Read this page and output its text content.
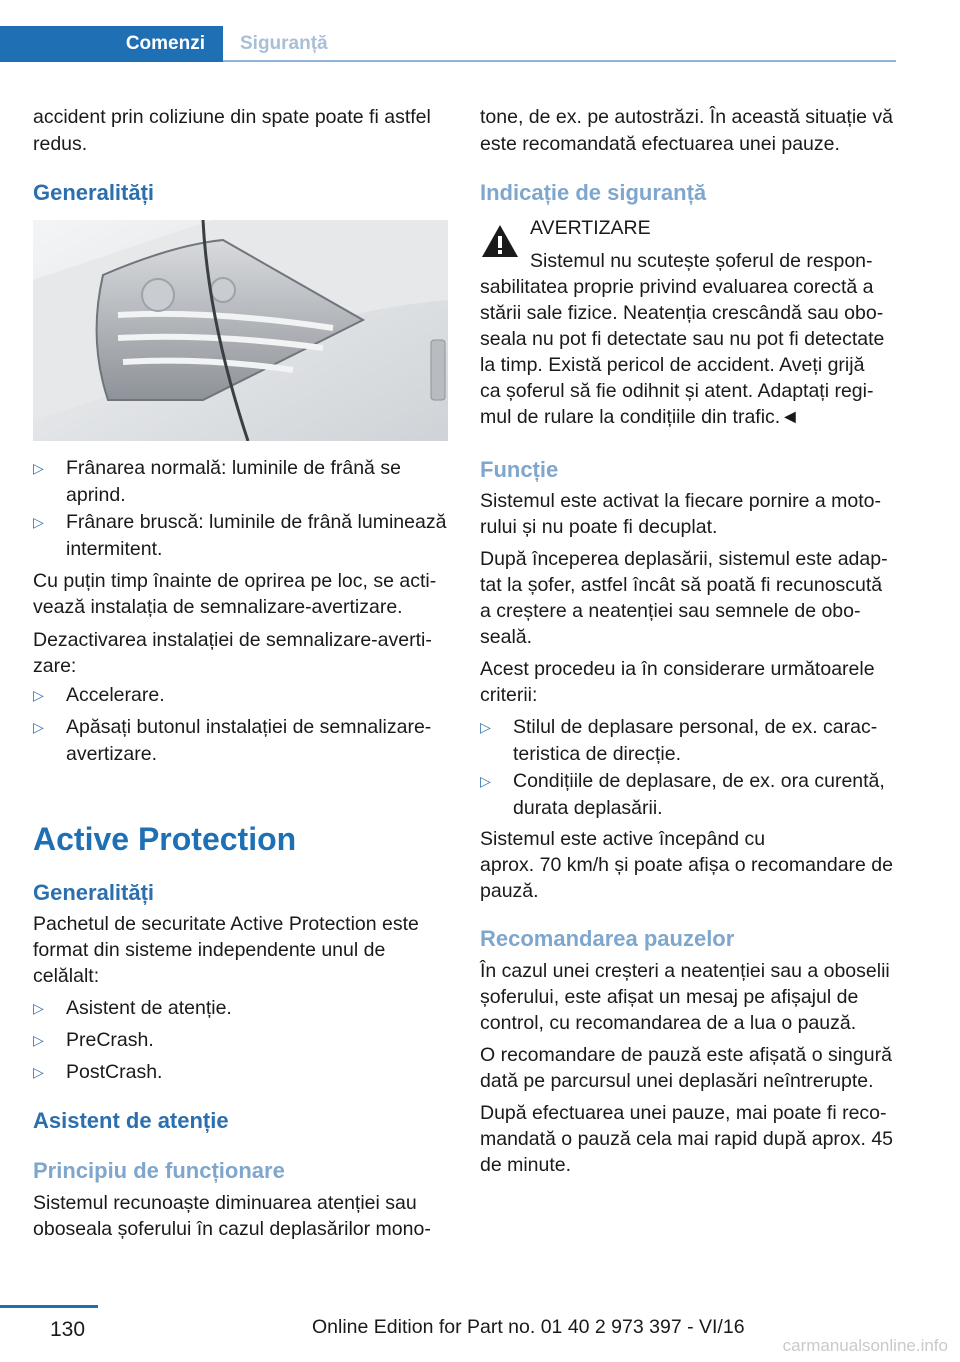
Comenzi	Siguranță

accident prin coliziune din spate poate fi astfel

redus.

Generalități
▷ Frânarea normală: luminile de frână se
aprind.
▷ Frânare bruscă: luminile de frână luminează
intermitent.

Cu puțin timp înainte de oprirea pe loc, se acti‐

vează instalația de semnalizare-avertizare.

Dezactivarea instalației de semnalizare-averti‐

zare:

▷ Accelerare.
▷ Apăsați butonul instalației de semnalizare-
avertizare.
Active Protection
Generalități

Pachetul de securitate Active Protection este

format din sisteme independente unul de

celălalt:

▷ Asistent de atenție.
▷ PreCrash.
▷ PostCrash.
Asistent de atenție
Principiu de funcționare

Sistemul recunoaște diminuarea atenției sau

oboseala șoferului în cazul deplasărilor mono‐

tone, de ex. pe autostrăzi. În această situație vă

este recomandată efectuarea unei pauze.

Indicație de siguranță

AVERTIZARE

Sistemul nu scutește șoferul de respon‐

sabilitatea proprie privind evaluarea corectă a

stării sale fizice. Neatenția crescândă sau obo‐

seala nu pot fi detectate sau nu pot fi detectate

la timp. Există pericol de accident. Aveți grijă

ca șoferul să fie odihnit și atent. Adaptați regi‐

mul de rulare la condițiile din trafic.◄

Funcție

Sistemul este activat la fiecare pornire a moto‐

rului și nu poate fi decuplat.

După începerea deplasării, sistemul este adap‐

tat la șofer, astfel încât să poată fi recunoscută

a creștere a neatenției sau semnele de obo‐

seală.

Acest procedeu ia în considerare următoarele

criterii:

▷ Stilul de deplasare personal, de ex. carac‐
teristica de direcție.
▷ Condițiile de deplasare, de ex. ora curentă,
durata deplasării.

Sistemul este active începând cu

aprox. 70 km/h și poate afișa o recomandare de

pauză.

Recomandarea pauzelor

În cazul unei creșteri a neatenției sau a oboselii

șoferului, este afișat un mesaj pe afișajul de

control, cu recomandarea de a lua o pauză.

O recomandare de pauză este afișată o singură

dată pe parcursul unei deplasări neîntrerupte.

După efectuarea unei pauze, mai poate fi reco‐

mandată o pauză cela mai rapid după aprox. 45

de minute.

130	Online Edition for Part no. 01 40 2 973 397 - VI/16
carmanualsonline.info
